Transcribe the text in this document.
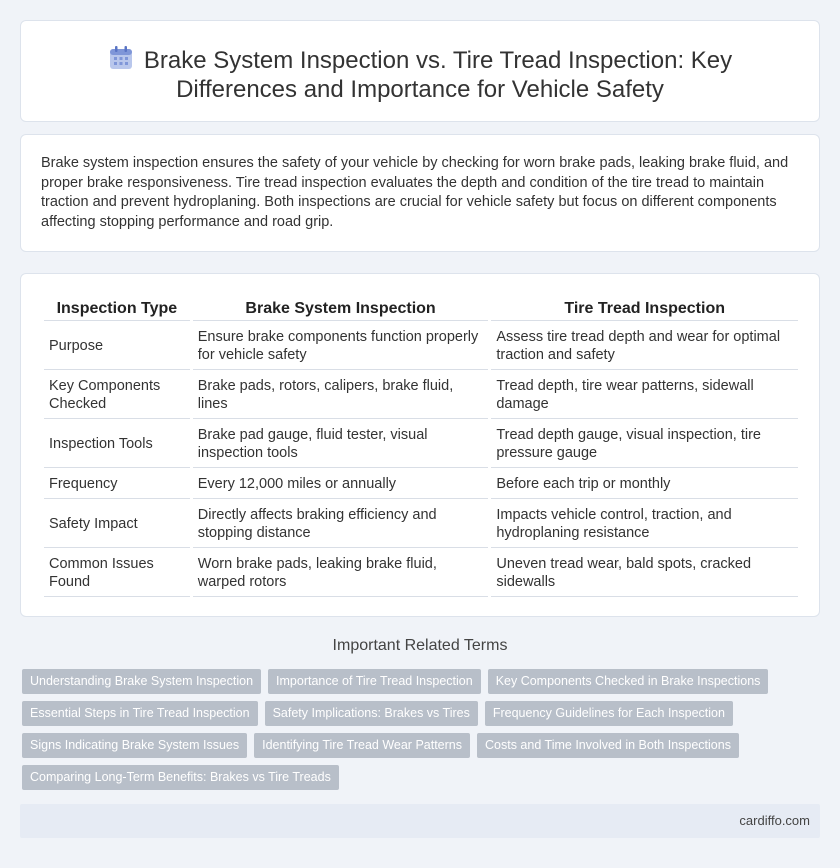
Brake System Inspection vs. Tire Tread Inspection: Key Differences and Importance for Vehicle Safety

Brake system inspection ensures the safety of your vehicle by checking for worn brake pads, leaking brake fluid, and proper brake responsiveness. Tire tread inspection evaluates the depth and condition of the tire tread to maintain traction and prevent hydroplaning. Both inspections are crucial for vehicle safety but focus on different components affecting stopping performance and road grip.

Inspection Type	Brake System Inspection	Tire Tread Inspection
Purpose	Ensure brake components function properly for vehicle safety	Assess tire tread depth and wear for optimal traction and safety
Key Components Checked	Brake pads, rotors, calipers, brake fluid, lines	Tread depth, tire wear patterns, sidewall damage
Inspection Tools	Brake pad gauge, fluid tester, visual inspection tools	Tread depth gauge, visual inspection, tire pressure gauge
Frequency	Every 12,000 miles or annually	Before each trip or monthly
Safety Impact	Directly affects braking efficiency and stopping distance	Impacts vehicle control, traction, and hydroplaning resistance
Common Issues Found	Worn brake pads, leaking brake fluid, warped rotors	Uneven tread wear, bald spots, cracked sidewalls
Important Related Terms
Understanding Brake System Inspection	Importance of Tire Tread Inspection	Key Components Checked in Brake Inspections
Essential Steps in Tire Tread Inspection	Safety Implications: Brakes vs Tires	Frequency Guidelines for Each Inspection
Signs Indicating Brake System Issues	Identifying Tire Tread Wear Patterns	Costs and Time Involved in Both Inspections
Comparing Long-Term Benefits: Brakes vs Tire Treads
cardiffo.com
